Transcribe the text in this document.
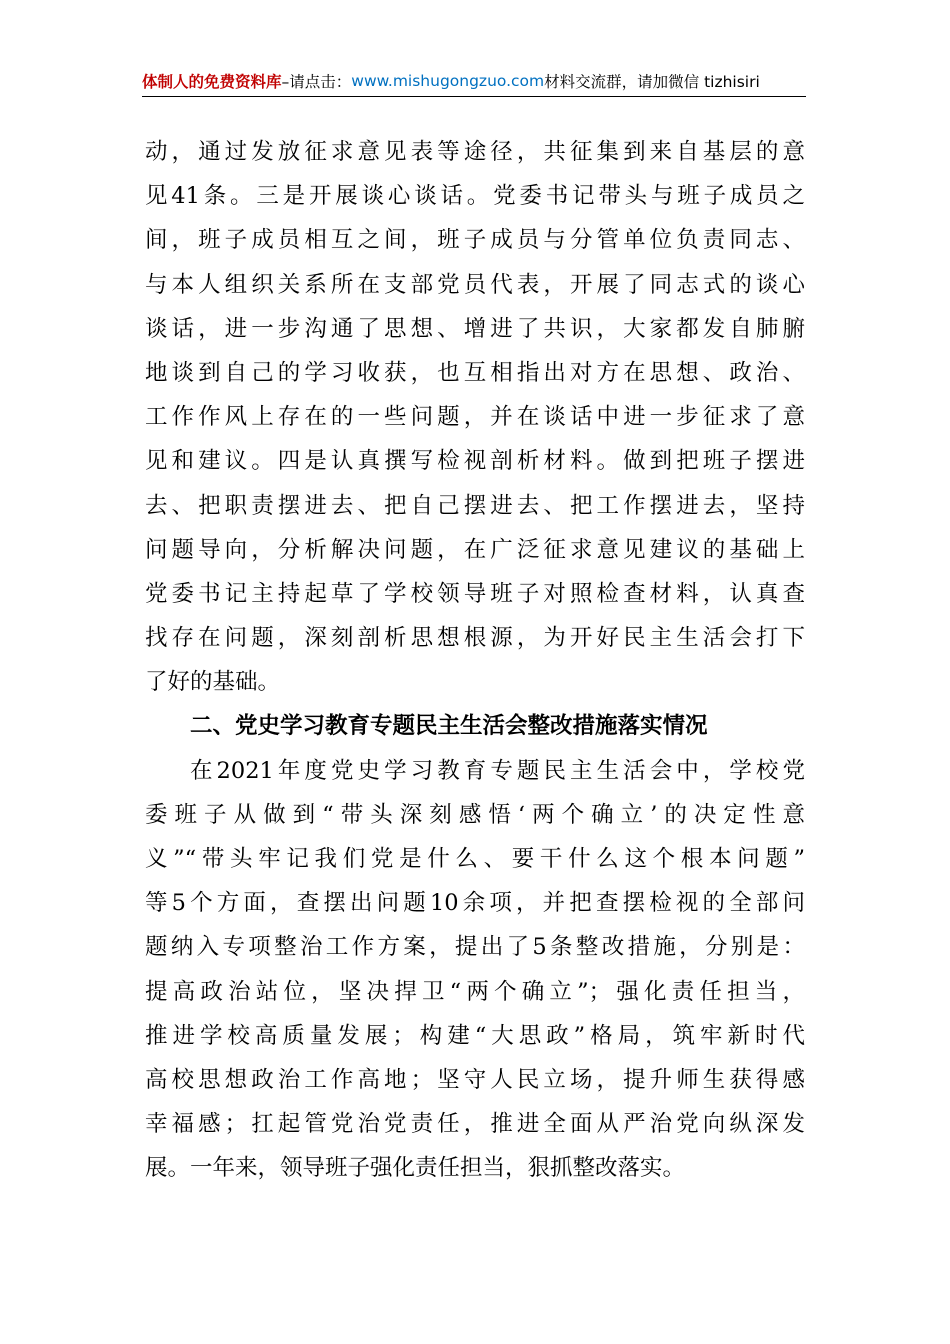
体制人的免费资料库 –请点击： www.mishugongzuo.com 材料交流群，请加微信 tizhisiri
动，通过发放征求意见表等途径，共征集到来自基层的意
见41条。三是开展谈心谈话。党委书记带头与班子成员之
间，班子成员相互之间，班子成员与分管单位负责同志、
与本人组织关系所在支部党员代表，开展了同志式的谈心
谈话，进一步沟通了思想、增进了共识，大家都发自肺腑
地谈到自己的学习收获，也互相指出对方在思想、政治、
工作作风上存在的一些问题，并在谈话中进一步征求了意
见和建议。四是认真撰写检视剖析材料。做到把班子摆进
去、把职责摆进去、把自己摆进去、把工作摆进去，坚持
问题导向，分析解决问题，在广泛征求意见建议的基础上
党委书记主持起草了学校领导班子对照检查材料，认真查
找存在问题，深刻剖析思想根源，为开好民主生活会打下
了好的基础。
二、党史学习教育专题民主生活会整改措施落实情况
在2021年度党史学习教育专题民主生活会中，学校党
委班子从做到“带头深刻感悟‘两个确立’的决定性意
义”“带头牢记我们党是什么、要干什么这个根本问题”
等5个方面，查摆出问题10余项，并把查摆检视的全部问
题纳入专项整治工作方案，提出了5条整改措施，分别是：
提高政治站位，坚决捍卫“两个确立”；强化责任担当，
推进学校高质量发展；构建“大思政”格局，筑牢新时代
高校思想政治工作高地；坚守人民立场，提升师生获得感
幸福感；扛起管党治党责任，推进全面从严治党向纵深发
展。一年来，领导班子强化责任担当，狠抓整改落实。
